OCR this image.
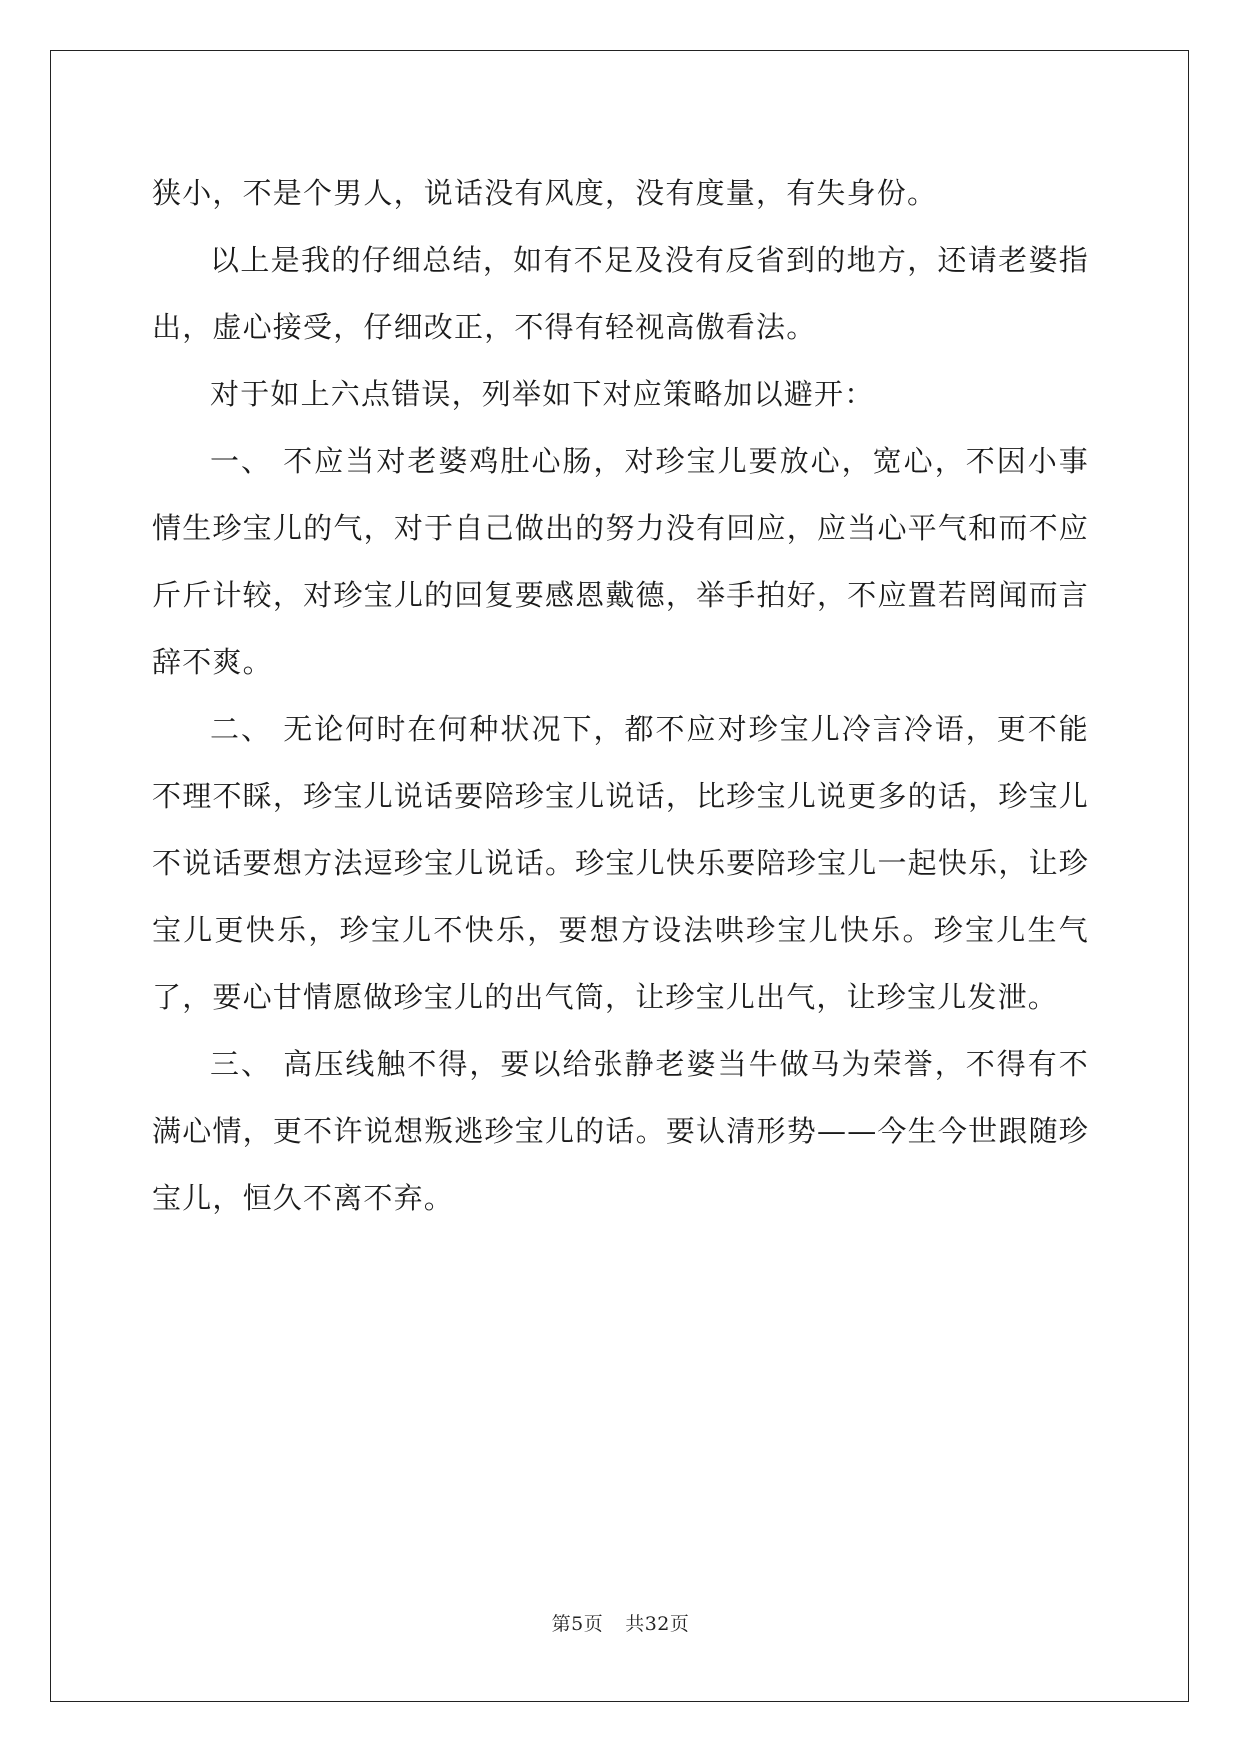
狭小，不是个男人，说话没有风度，没有度量，有失身份。

以上是我的仔细总结，如有不足及没有反省到的地方，还请老婆指出，虚心接受，仔细改正，不得有轻视高傲看法。

对于如上六点错误，列举如下对应策略加以避开：

一、 不应当对老婆鸡肚心肠，对珍宝儿要放心，宽心，不因小事情生珍宝儿的气，对于自己做出的努力没有回应，应当心平气和而不应斤斤计较，对珍宝儿的回复要感恩戴德，举手拍好，不应置若罔闻而言辞不爽。

二、 无论何时在何种状况下，都不应对珍宝儿冷言冷语，更不能不理不睬，珍宝儿说话要陪珍宝儿说话，比珍宝儿说更多的话，珍宝儿不说话要想方法逗珍宝儿说话。珍宝儿快乐要陪珍宝儿一起快乐，让珍宝儿更快乐，珍宝儿不快乐，要想方设法哄珍宝儿快乐。珍宝儿生气了，要心甘情愿做珍宝儿的出气筒，让珍宝儿出气，让珍宝儿发泄。

三、 高压线触不得，要以给张静老婆当牛做马为荣誉，不得有不满心情，更不许说想叛逃珍宝儿的话。要认清形势——今生今世跟随珍宝儿，恒久不离不弃。

第5页 共32页
